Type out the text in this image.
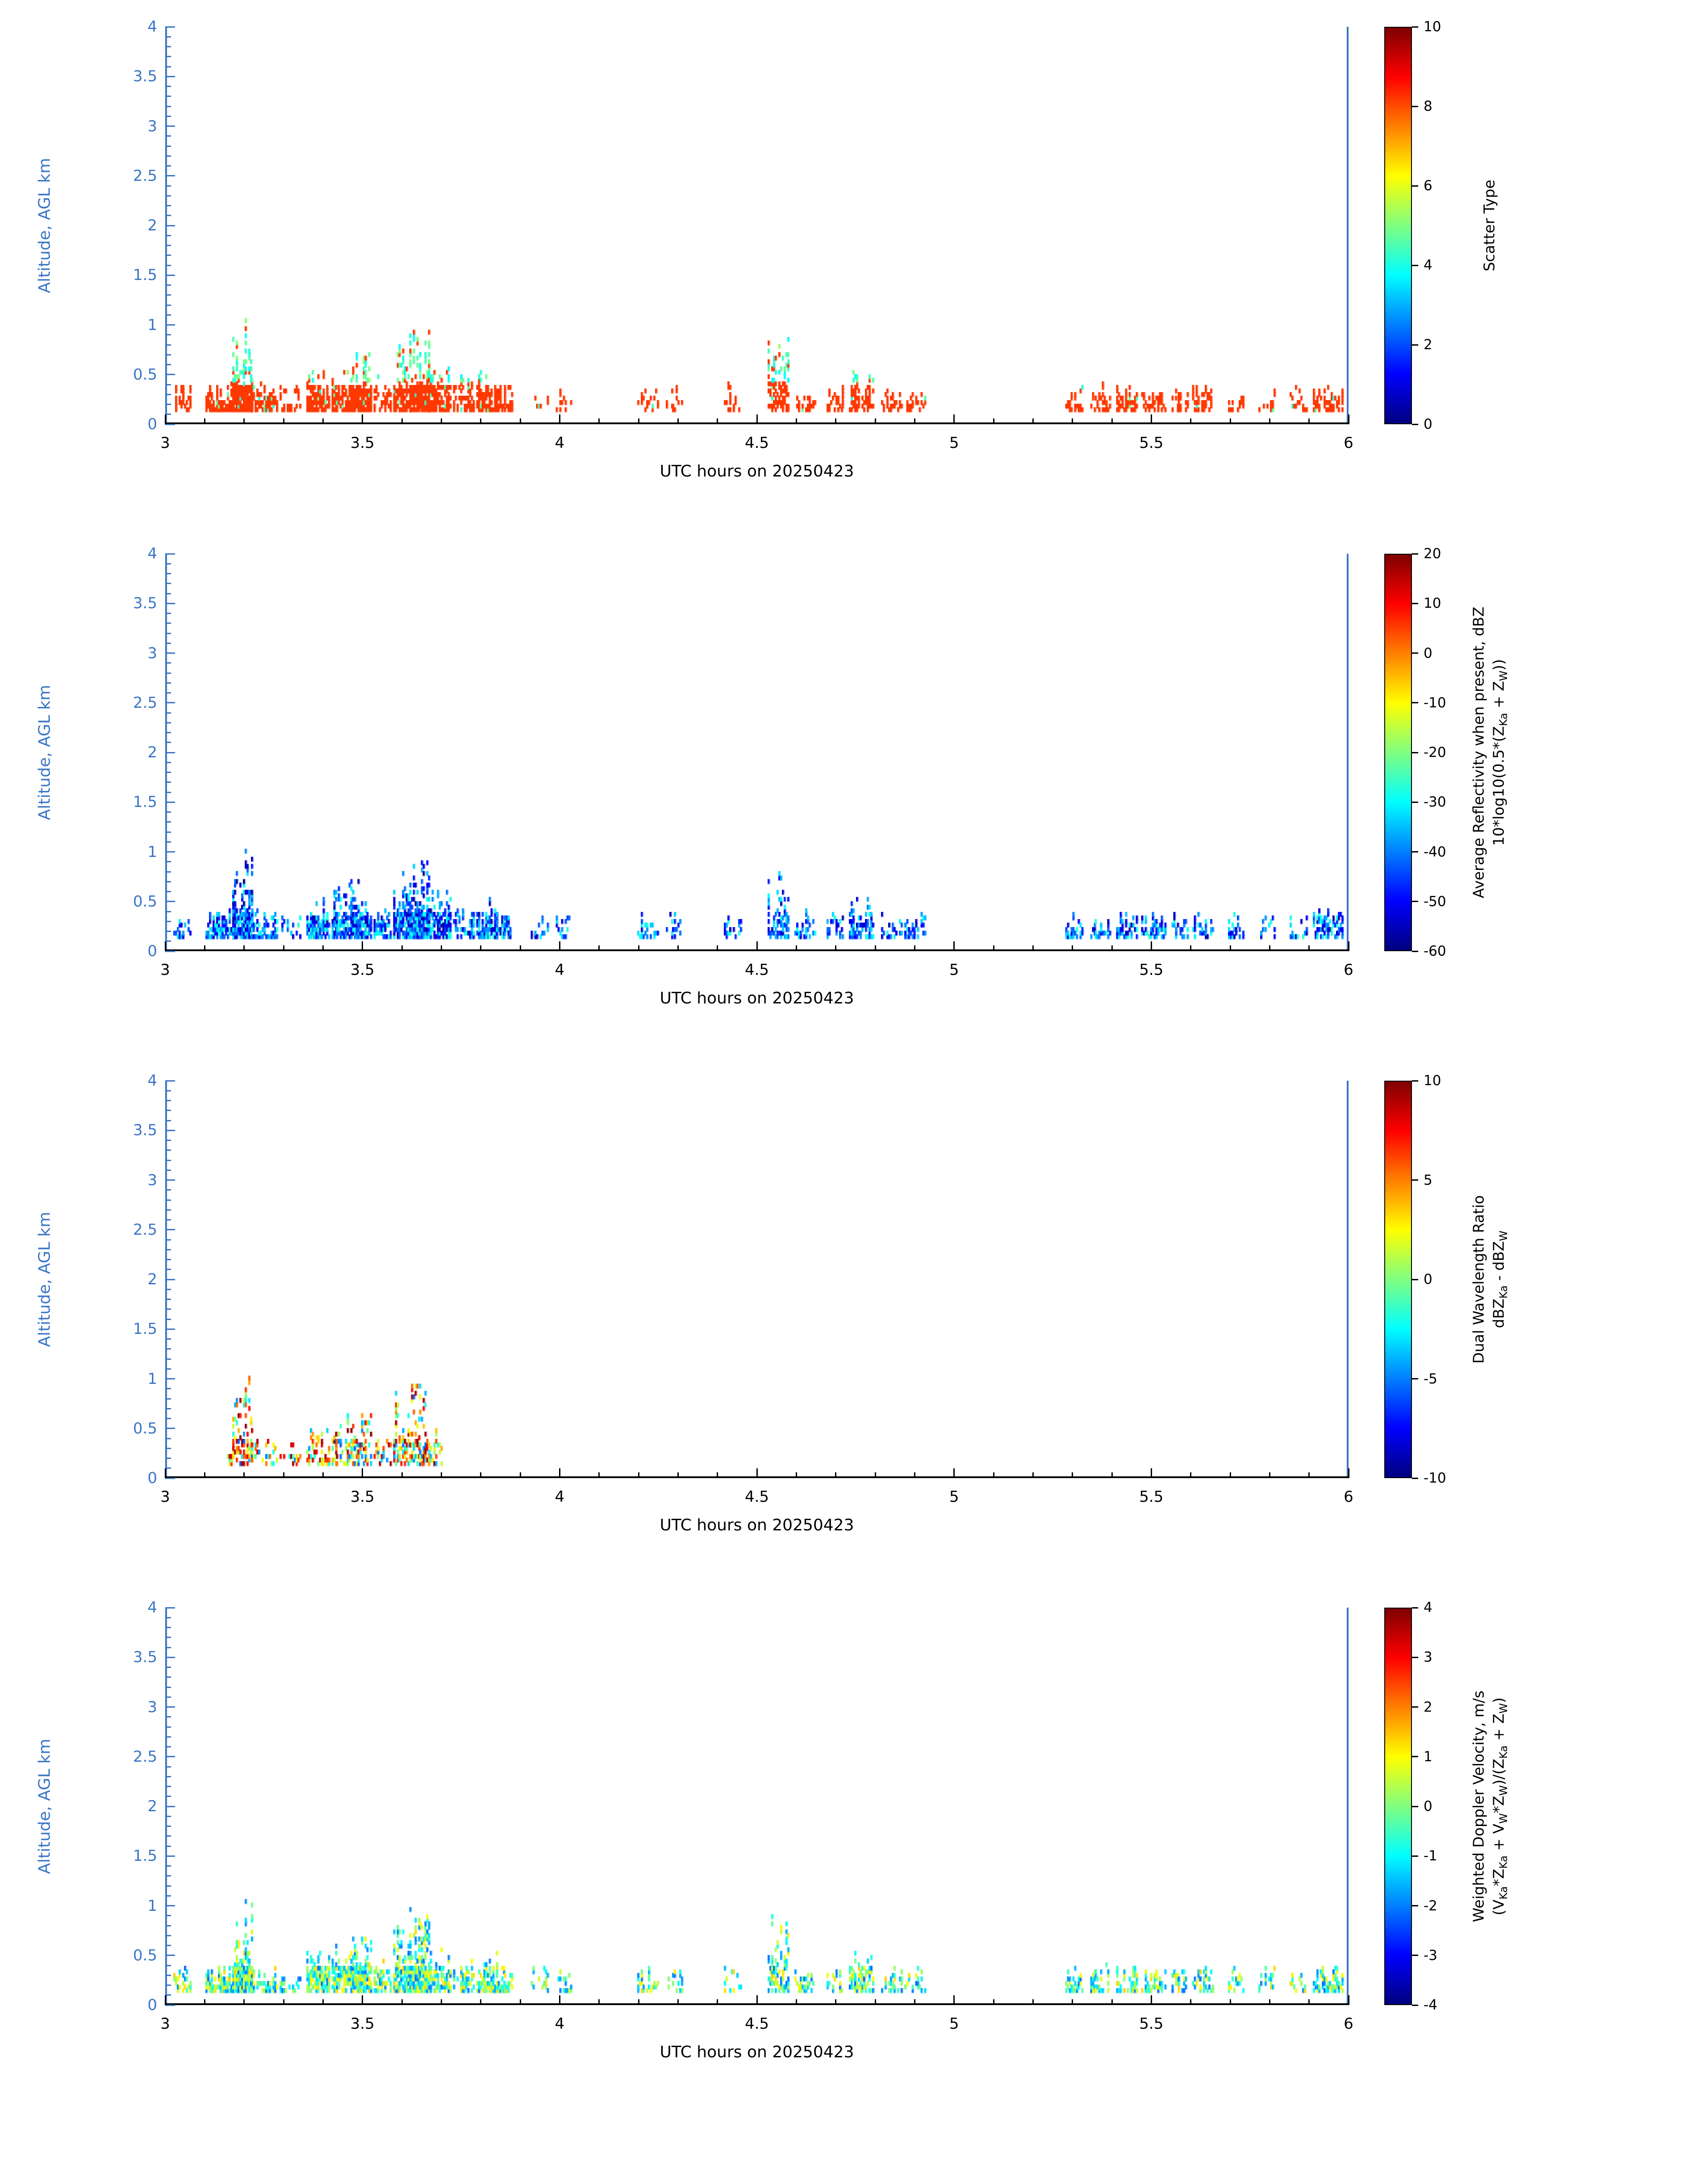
0
0.5
1
1.5
2
2.5
3
3.5
4
3	3.5	4	4.5	5	5.5	6
Altitude, AGL km
UTC hours on 20250423
0
2
4
6
8
10
Scatter Type
0
0.5
1
1.5
2
2.5
3
3.5
4
3	3.5	4	4.5	5	5.5	6
Altitude, AGL km
UTC hours on 20250423
-60
-50
-40
-30
-20
-10
0
10
20
Average Reflectivity when present, dBZ $10*\log 10(0.5*(Z_{Ka} + Z_W))$
0
0.5
1
1.5
2
2.5
3
3.5
4
3	3.5	4	4.5	5	5.5	6
Altitude, AGL km
UTC hours on 20250423
-10
-5
0
5
10
Dual Wavelength Ratio dBZ$_{Ka}$ - dBZ$_W$
0
0.5
1
1.5
2
2.5
3
3.5
4
3	3.5	4	4.5	5	5.5	6
Altitude, AGL km
UTC hours on 20250423
-4
-3
-2
-1
0
1
2
3
4
Weighted Doppler Velocity, m/s $(V_{Ka}*Z_{Ka} + V_W*Z_W)/(Z_{Ka} + Z_W)$
